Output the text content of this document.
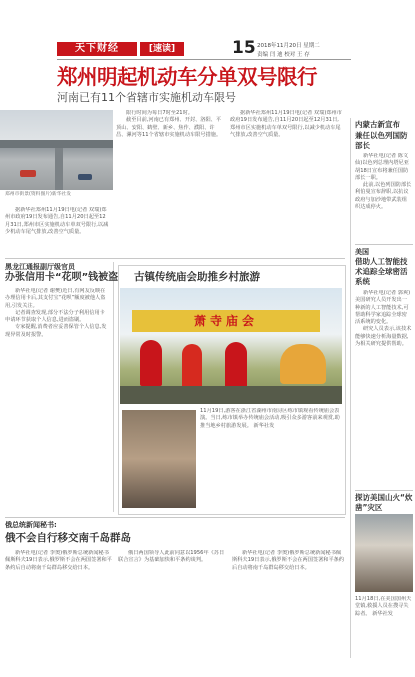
天下财经	[速读]	15 2018年11月20日 星期二
责编 闫 迪 校对 王 存
郑州明起机动车分单双号限行
河南已有11个省辖市实施机动车限号
郑州市街景(资料图片)新华社发

据新华社郑州11月19日电(记者 双瑞)郑州市政府19日发布通告,自11月20日起至12月31日,郑州市区实施机动车单双号限行,以减少机动车尾气排放,改善空气质量。

限行时间为每日7时至21时。

截至目前,河南已有郑州、开封、洛阳、平顶山、安阳、鹤壁、新乡、焦作、濮阳、许昌、漯河等11个省辖市实施机动车限号措施。

据新华社郑州11月19日电(记者 双瑞)郑州市政府19日发布通告,自11月20日起至12月31日,郑州市区实施机动车单双号限行,以减少机动车尾气排放,改善空气质量。

黑龙江通报副厅级官员
办张信用卡“花呗”钱被盗

新华社电(记者 谢樊)近日,有网友反映在办理信用卡后,其支付宝“花呗”额度被他人盗用,引发关注。

记者调查发现,部分不法分子利用信用卡申请环节获取个人信息,进而盗刷。

专家提醒,消费者应妥善保管个人信息,发现异常及时报警。

古镇传统庙会助推乡村旅游
萧寺庙会

11月19日,游客在浙江省湖州市南浔区练市镇观看传统庙会表演。当日,练市镇举办传统庙会活动,吸引众多游客前来观赏,助推当地乡村旅游发展。 新华社发

内蒙古新宣布
兼任以色列国防部长

新华社电(记者 陈文仙)以色列总理内塔尼亚胡18日宣布将兼任国防部长一职。

此前,以色列国防部长利伯曼宣布辞职,以抗议政府与加沙地带武装组织达成停火。

美国
借助人工智能技术追踪全球密活系统

新华社电(记者 郭爽)美国研究人员开发出一种新的人工智能技术,可帮助科学家追踪全球密活系统的变化。

研究人员表示,该技术能够快速分析海量数据,为相关研究提供帮助。

探访美国山火“炊凿”灾区

11月18日,在美国加州天堂镇,救援人员在搜寻失踪者。 新华社发

俄总统新闻秘书:
俄不会自行移交南千岛群岛

新华社电(记者 李奥)俄罗斯总统新闻秘书佩斯科夫19日表示,俄罗斯不会在两国签署和平条约后自动将南千岛群岛移交给日本。

俄日两国领导人此前同意以1956年《苏日联合宣言》为基础加快和平条约谈判。

新华社电(记者 李奥)俄罗斯总统新闻秘书佩斯科夫19日表示,俄罗斯不会在两国签署和平条约后自动将南千岛群岛移交给日本。
